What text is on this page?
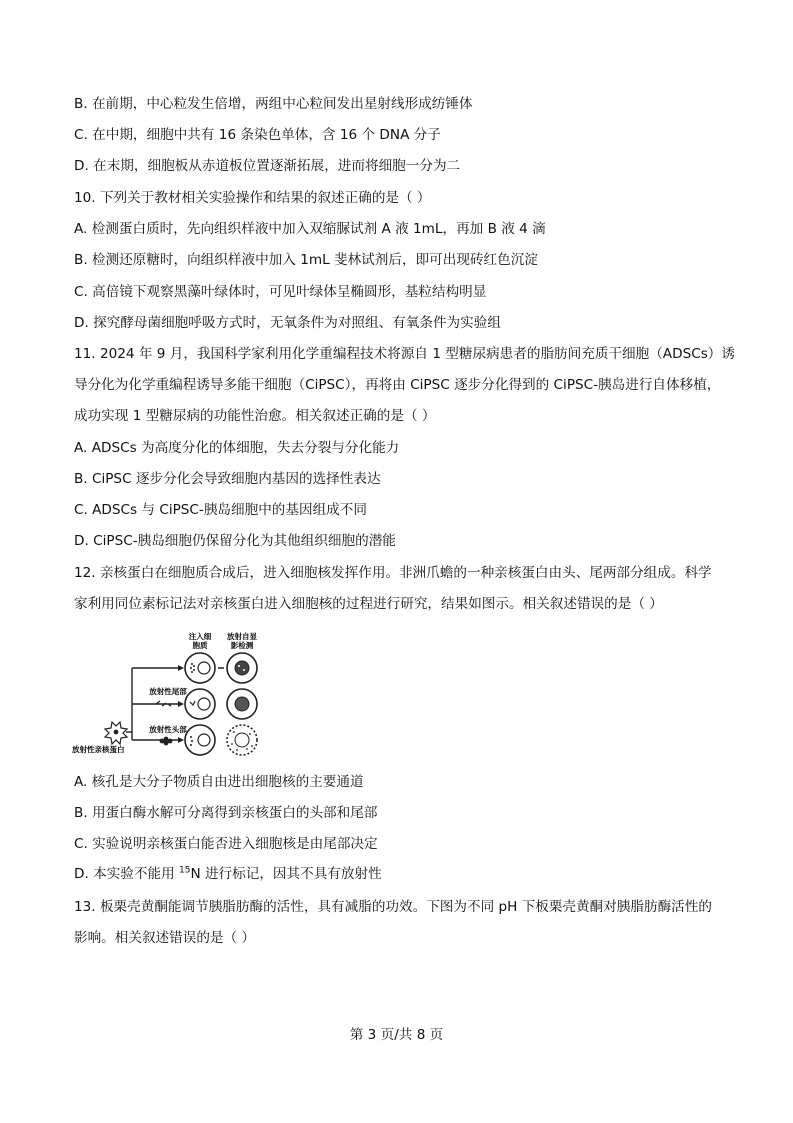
B. 在前期，中心粒发生倍增，两组中心粒间发出星射线形成纺锤体
C. 在中期，细胞中共有 16 条染色单体，含 16 个 DNA 分子
D. 在末期，细胞板从赤道板位置逐渐拓展，进而将细胞一分为二
10. 下列关于教材相关实验操作和结果的叙述正确的是（ ）
A. 检测蛋白质时，先向组织样液中加入双缩脲试剂 A 液 1mL，再加 B 液 4 滴
B. 检测还原糖时，向组织样液中加入 1mL 斐林试剂后，即可出现砖红色沉淀
C. 高倍镜下观察黑藻叶绿体时，可见叶绿体呈椭圆形，基粒结构明显
D. 探究酵母菌细胞呼吸方式时，无氧条件为对照组、有氧条件为实验组
11. 2024 年 9 月，我国科学家利用化学重编程技术将源自 1 型糖尿病患者的脂肪间充质干细胞（ADSCs）诱
导分化为化学重编程诱导多能干细胞（CiPSC），再将由 CiPSC 逐步分化得到的 CiPSC-胰岛进行自体移植，
成功实现 1 型糖尿病的功能性治愈。相关叙述正确的是（ ）
A. ADSCs 为高度分化的体细胞，失去分裂与分化能力
B. CiPSC 逐步分化会导致细胞内基因的选择性表达
C. ADSCs 与 CiPSC-胰岛细胞中的基因组成不同
D. CiPSC-胰岛细胞仍保留分化为其他组织细胞的潜能
12. 亲核蛋白在细胞质合成后，进入细胞核发挥作用。非洲爪蟾的一种亲核蛋白由头、尾两部分组成。科学
家利用同位素标记法对亲核蛋白进入细胞核的过程进行研究，结果如图示。相关叙述错误的是（ ）
注入细
胞质
放射自显
影检测
放射性尾部
放射性头部
放射性亲核蛋白
A. 核孔是大分子物质自由进出细胞核的主要通道
B. 用蛋白酶水解可分离得到亲核蛋白的头部和尾部
C. 实验说明亲核蛋白能否进入细胞核是由尾部决定
D. 本实验不能用 $^{15}$N 进行标记，因其不具有放射性
13. 板栗壳黄酮能调节胰脂肪酶的活性，具有减脂的功效。下图为不同 pH 下板栗壳黄酮对胰脂肪酶活性的
影响。相关叙述错误的是（ ）
第 3 页/共 8 页
